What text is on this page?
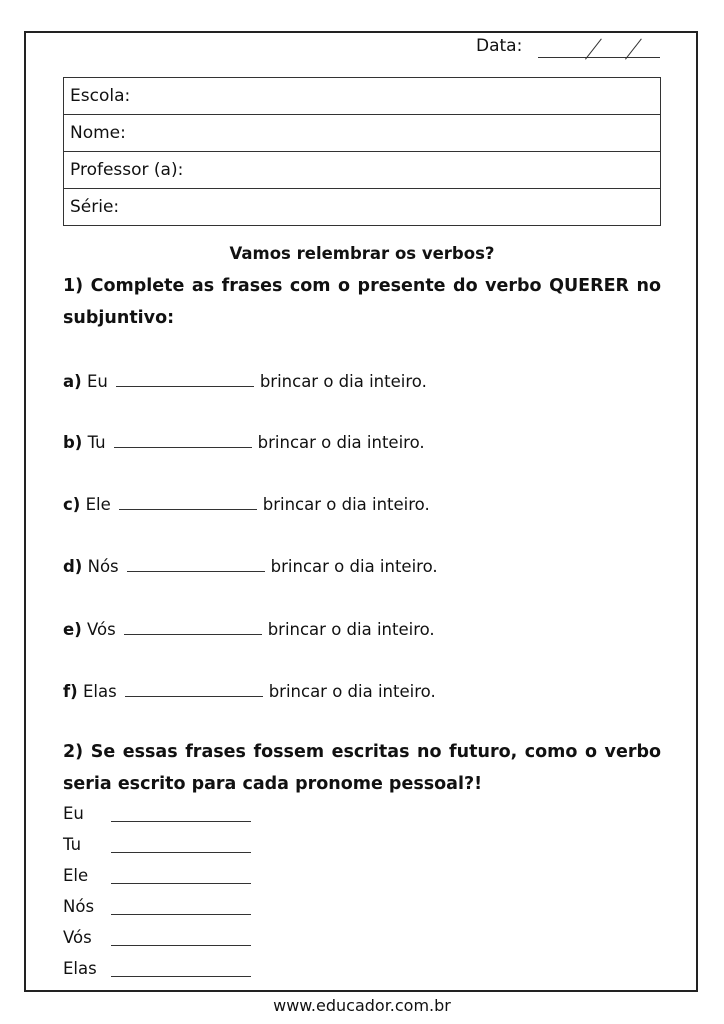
Data:
Escola:
Nome:
Professor (a):
Série:
Vamos relembrar os verbos?
1) Complete as frases com o presente do verbo QUERER no subjuntivo:
a) Eu	brincar o dia inteiro.
b) Tu	brincar o dia inteiro.
c) Ele	brincar o dia inteiro.
d) Nós	brincar o dia inteiro.
e) Vós	brincar o dia inteiro.
f) Elas	brincar o dia inteiro.
2) Se essas frases fossem escritas no futuro, como o verbo seria escrito para cada pronome pessoal?!
Eu
Tu
Ele
Nós
Vós
Elas
www.educador.com.br
